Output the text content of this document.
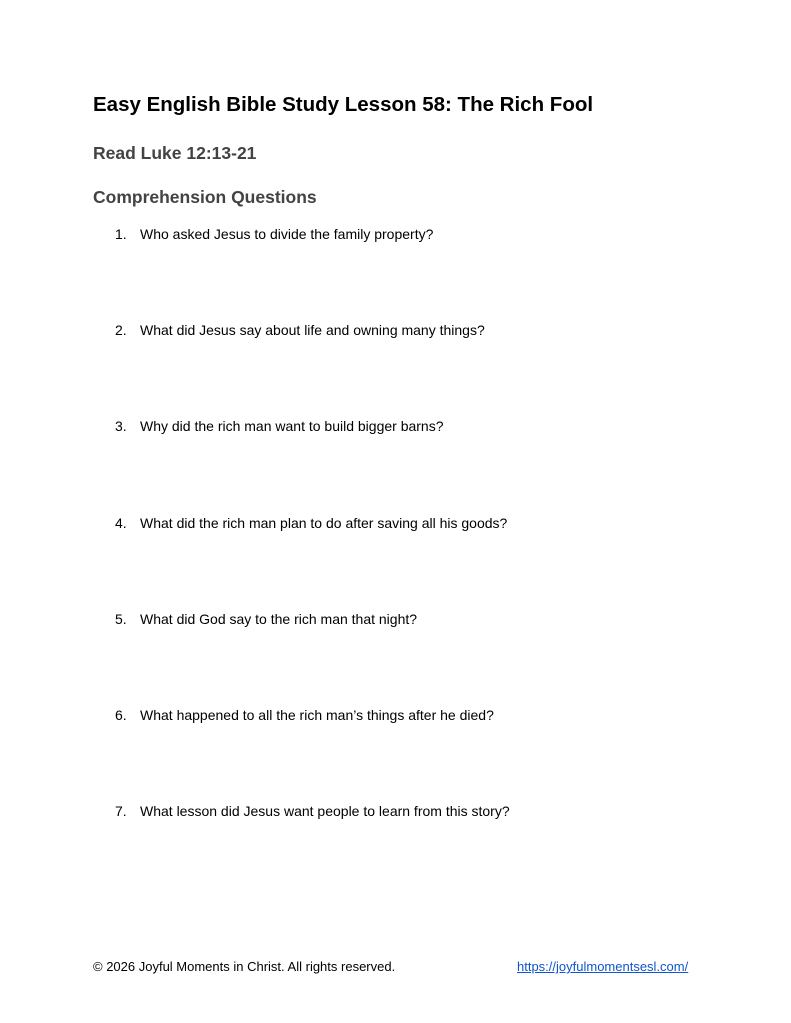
Easy English Bible Study Lesson 58: The Rich Fool
Read Luke 12:13-21
Comprehension Questions
1. Who asked Jesus to divide the family property?
2. What did Jesus say about life and owning many things?
3. Why did the rich man want to build bigger barns?
4. What did the rich man plan to do after saving all his goods?
5. What did God say to the rich man that night?
6. What happened to all the rich man’s things after he died?
7. What lesson did Jesus want people to learn from this story?
© 2026 Joyful Moments in Christ. All rights reserved.	https://joyfulmomentsesl.com/
